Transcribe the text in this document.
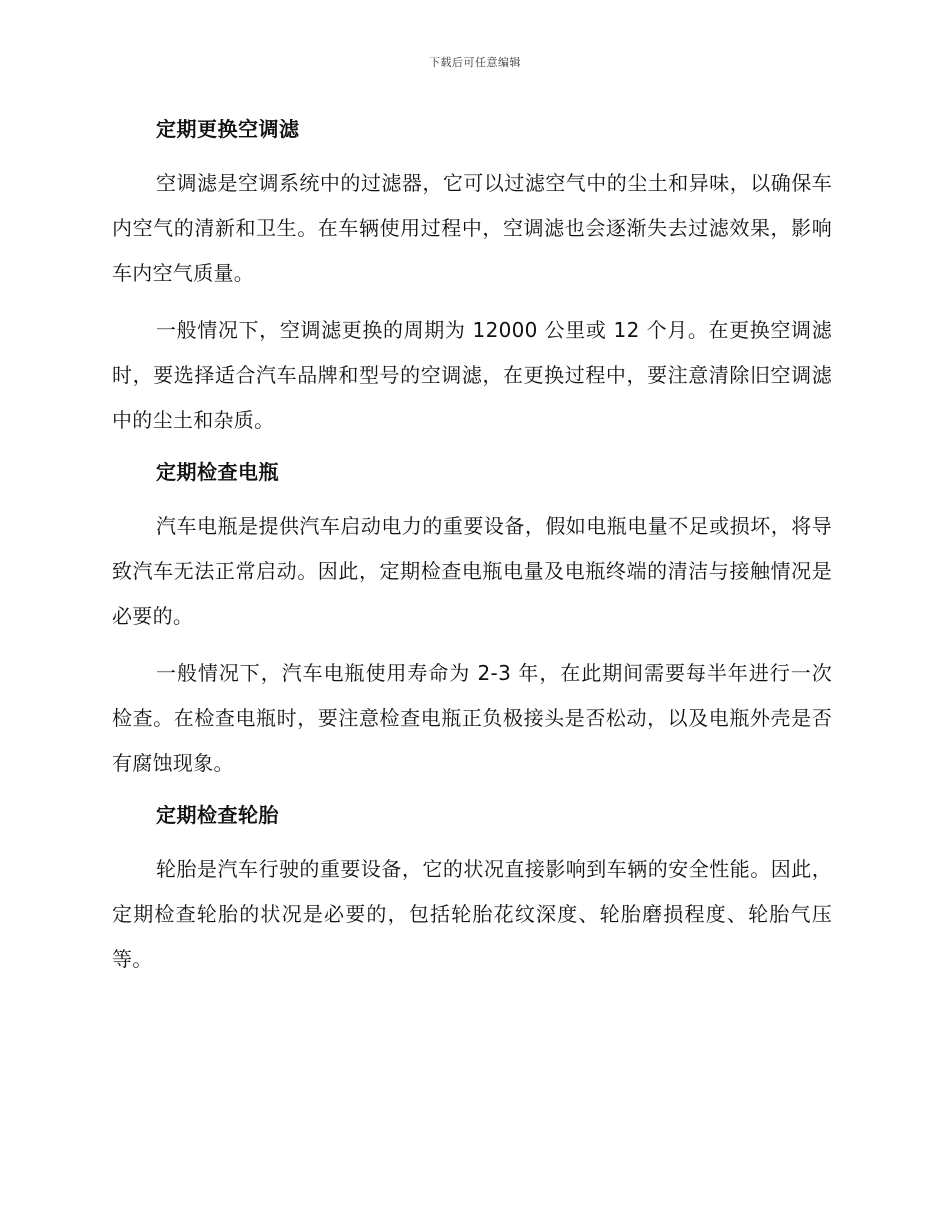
下载后可任意编辑
定期更换空调滤

空调滤是空调系统中的过滤器，它可以过滤空气中的尘土和异味，以确保车内空气的清新和卫生。在车辆使用过程中，空调滤也会逐渐失去过滤效果，影响车内空气质量。

一般情况下，空调滤更换的周期为 12000 公里或 12 个月。在更换空调滤时，要选择适合汽车品牌和型号的空调滤，在更换过程中，要注意清除旧空调滤中的尘土和杂质。

定期检查电瓶

汽车电瓶是提供汽车启动电力的重要设备，假如电瓶电量不足或损坏，将导致汽车无法正常启动。因此，定期检查电瓶电量及电瓶终端的清洁与接触情况是必要的。

一般情况下，汽车电瓶使用寿命为 2-3 年，在此期间需要每半年进行一次检查。在检查电瓶时，要注意检查电瓶正负极接头是否松动，以及电瓶外壳是否有腐蚀现象。

定期检查轮胎

轮胎是汽车行驶的重要设备，它的状况直接影响到车辆的安全性能。因此，定期检查轮胎的状况是必要的，包括轮胎花纹深度、轮胎磨损程度、轮胎气压等。
